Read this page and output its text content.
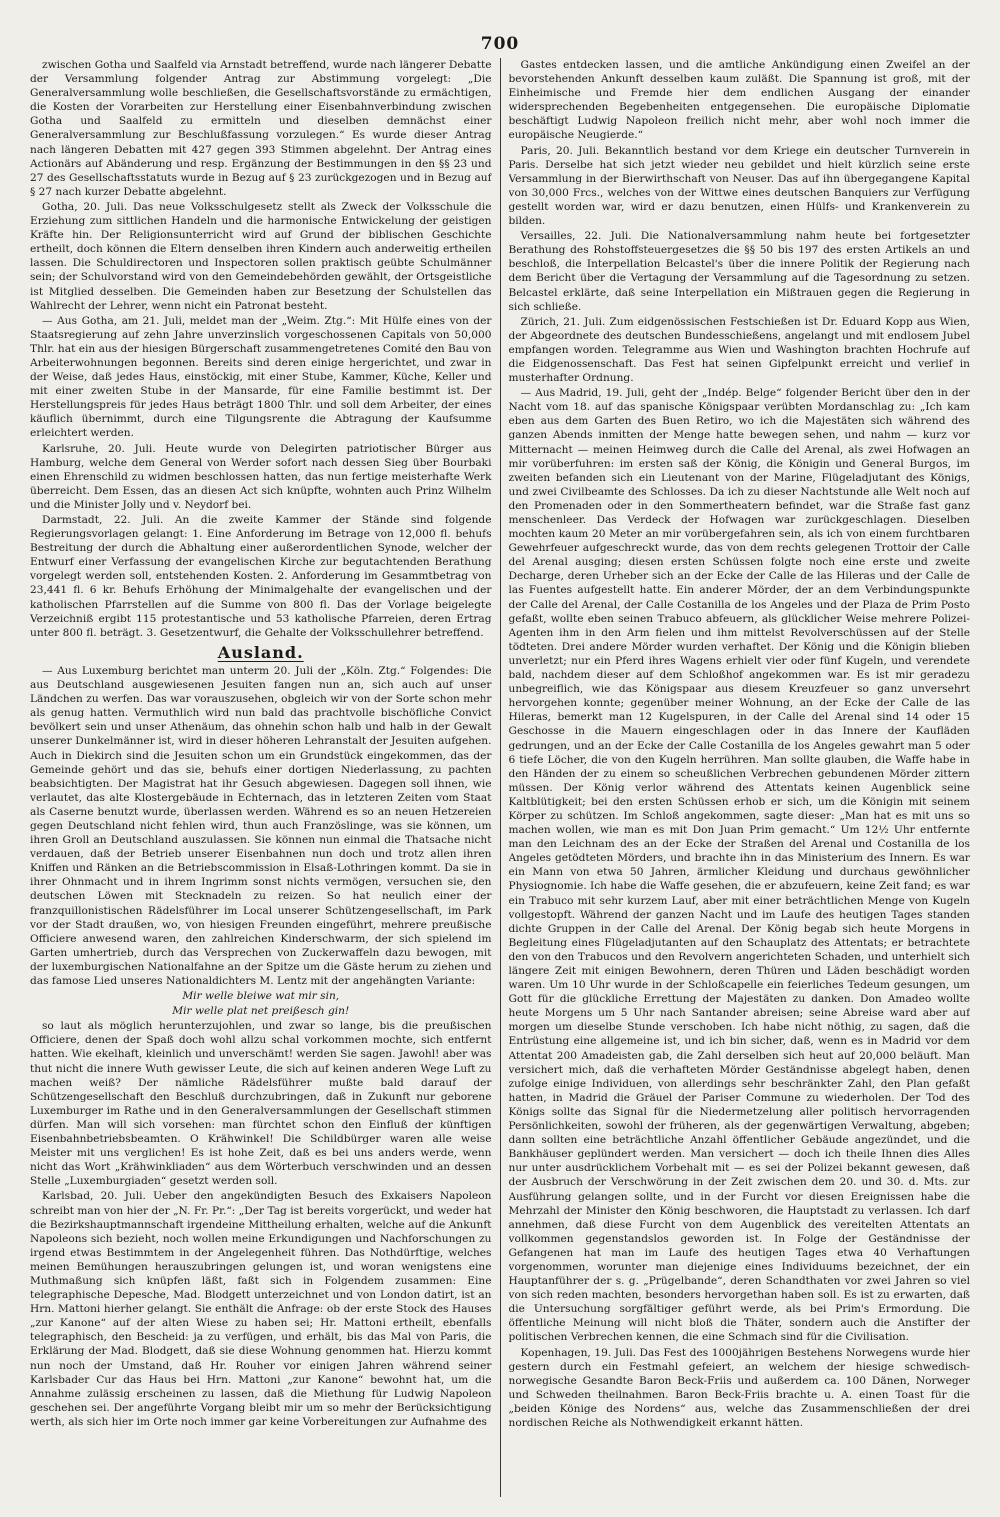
700

zwischen Gotha und Saalfeld via Arnstadt betreffend, wurde nach längerer Debatte der Versammlung folgender Antrag zur Abstimmung vorgelegt: „Die Generalversammlung wolle beschließen, die Gesellschaftsvorstände zu ermächtigen, die Kosten der Vorarbeiten zur Herstellung einer Eisenbahnverbindung zwischen Gotha und Saalfeld zu ermitteln und dieselben demnächst einer Generalversammlung zur Beschlußfassung vorzulegen.“ Es wurde dieser Antrag nach längeren Debatten mit 427 gegen 393 Stimmen abgelehnt. Der Antrag eines Actionärs auf Abänderung und resp. Ergänzung der Bestimmungen in den §§ 23 und 27 des Gesellschaftsstatuts wurde in Bezug auf § 23 zurückgezogen und in Bezug auf § 27 nach kurzer Debatte abgelehnt.

Gotha, 20. Juli. Das neue Volksschulgesetz stellt als Zweck der Volksschule die Erziehung zum sittlichen Handeln und die harmonische Entwickelung der geistigen Kräfte hin. Der Religionsunterricht wird auf Grund der biblischen Geschichte ertheilt, doch können die Eltern denselben ihren Kindern auch anderweitig ertheilen lassen. Die Schuldirectoren und Inspectoren sollen praktisch geübte Schulmänner sein; der Schulvorstand wird von den Gemeindebehörden gewählt, der Ortsgeistliche ist Mitglied desselben. Die Gemeinden haben zur Besetzung der Schulstellen das Wahlrecht der Lehrer, wenn nicht ein Patronat besteht.

— Aus Gotha, am 21. Juli, meldet man der „Weim. Ztg.“: Mit Hülfe eines von der Staatsregierung auf zehn Jahre unverzinslich vorgeschossenen Capitals von 50,000 Thlr. hat ein aus der hiesigen Bürgerschaft zusammengetretenes Comité den Bau von Arbeiterwohnungen begonnen. Bereits sind deren einige hergerichtet, und zwar in der Weise, daß jedes Haus, einstöckig, mit einer Stube, Kammer, Küche, Keller und mit einer zweiten Stube in der Mansarde, für eine Familie bestimmt ist. Der Herstellungspreis für jedes Haus beträgt 1800 Thlr. und soll dem Arbeiter, der eines käuflich übernimmt, durch eine Tilgungsrente die Abtragung der Kaufsumme erleichtert werden.

Karlsruhe, 20. Juli. Heute wurde von Delegirten patriotischer Bürger aus Hamburg, welche dem General von Werder sofort nach dessen Sieg über Bourbaki einen Ehrenschild zu widmen beschlossen hatten, das nun fertige meisterhafte Werk überreicht. Dem Essen, das an diesen Act sich knüpfte, wohnten auch Prinz Wilhelm und die Minister Jolly und v. Neydorf bei.

Darmstadt, 22. Juli. An die zweite Kammer der Stände sind folgende Regierungsvorlagen gelangt: 1. Eine Anforderung im Betrage von 12,000 fl. behufs Bestreitung der durch die Abhaltung einer außerordentlichen Synode, welcher der Entwurf einer Verfassung der evangelischen Kirche zur begutachtenden Berathung vorgelegt werden soll, entstehenden Kosten. 2. Anforderung im Gesammtbetrag von 23,441 fl. 6 kr. Behufs Erhöhung der Minimalgehalte der evangelischen und der katholischen Pfarrstellen auf die Summe von 800 fl. Das der Vorlage beigelegte Verzeichniß ergibt 115 protestantische und 53 katholische Pfarreien, deren Ertrag unter 800 fl. beträgt. 3. Gesetzentwurf, die Gehalte der Volksschullehrer betreffend.

Ausland.

— Aus Luxemburg berichtet man unterm 20. Juli der „Köln. Ztg.“ Folgendes: Die aus Deutschland ausgewiesenen Jesuiten fangen nun an, sich auch auf unser Ländchen zu werfen. Das war vorauszusehen, obgleich wir von der Sorte schon mehr als genug hatten. Vermuthlich wird nun bald das prachtvolle bischöfliche Convict bevölkert sein und unser Athenäum, das ohnehin schon halb und halb in der Gewalt unserer Dunkelmänner ist, wird in dieser höheren Lehranstalt der Jesuiten aufgehen. Auch in Diekirch sind die Jesuiten schon um ein Grundstück eingekommen, das der Gemeinde gehört und das sie, behufs einer dortigen Niederlassung, zu pachten beabsichtigten. Der Magistrat hat ihr Gesuch abgewiesen. Dagegen soll ihnen, wie verlautet, das alte Klostergebäude in Echternach, das in letzteren Zeiten vom Staat als Caserne benutzt wurde, überlassen werden. Während es so an neuen Hetzereien gegen Deutschland nicht fehlen wird, thun auch Französlinge, was sie können, um ihren Groll an Deutschland auszulassen. Sie können nun einmal die Thatsache nicht verdauen, daß der Betrieb unserer Eisenbahnen nun doch und trotz allen ihren Kniffen und Ränken an die Betriebscommission in Elsaß-Lothringen kommt. Da sie in ihrer Ohnmacht und in ihrem Ingrimm sonst nichts vermögen, versuchen sie, den deutschen Löwen mit Stecknadeln zu reizen. So hat neulich einer der franzquillonistischen Rädelsführer im Local unserer Schützengesellschaft, im Park vor der Stadt draußen, wo, von hiesigen Freunden eingeführt, mehrere preußische Officiere anwesend waren, den zahlreichen Kinderschwarm, der sich spielend im Garten umhertrieb, durch das Versprechen von Zuckerwaffeln dazu bewogen, mit der luxemburgischen Nationalfahne an der Spitze um die Gäste herum zu ziehen und das famose Lied unseres Nationaldichters M. Lentz mit der angehängten Variante:

Mir welle bleiwe wat mir sin,

Mir welle plat net preißesch gin!

so laut als möglich herunterzujohlen, und zwar so lange, bis die preußischen Officiere, denen der Spaß doch wohl allzu schal vorkommen mochte, sich entfernt hatten. Wie ekelhaft, kleinlich und unverschämt! werden Sie sagen. Jawohl! aber was thut nicht die innere Wuth gewisser Leute, die sich auf keinen anderen Wege Luft zu machen weiß? Der nämliche Rädelsführer mußte bald darauf der Schützengesellschaft den Beschluß durchzubringen, daß in Zukunft nur geborene Luxemburger im Rathe und in den Generalversammlungen der Gesellschaft stimmen dürfen. Man will sich vorsehen: man fürchtet schon den Einfluß der künftigen Eisenbahnbetriebsbeamten. O Krähwinkel! Die Schildbürger waren alle weise Meister mit uns verglichen! Es ist hohe Zeit, daß es bei uns anders werde, wenn nicht das Wort „Krähwinkliaden“ aus dem Wörterbuch verschwinden und an dessen Stelle „Luxemburgiaden“ gesetzt werden soll.

Karlsbad, 20. Juli. Ueber den angekündigten Besuch des Exkaisers Napoleon schreibt man von hier der „N. Fr. Pr.“: „Der Tag ist bereits vorgerückt, und weder hat die Bezirkshauptmannschaft irgendeine Mittheilung erhalten, welche auf die Ankunft Napoleons sich bezieht, noch wollen meine Erkundigungen und Nachforschungen zu irgend etwas Bestimmtem in der Angelegenheit führen. Das Nothdürftige, welches meinen Bemühungen herauszubringen gelungen ist, und woran wenigstens eine Muthmaßung sich knüpfen läßt, faßt sich in Folgendem zusammen: Eine telegraphische Depesche, Mad. Blodgett unterzeichnet und von London datirt, ist an Hrn. Mattoni hierher gelangt. Sie enthält die Anfrage: ob der erste Stock des Hauses „zur Kanone“ auf der alten Wiese zu haben sei; Hr. Mattoni ertheilt, ebenfalls telegraphisch, den Bescheid: ja zu verfügen, und erhält, bis das Mal von Paris, die Erklärung der Mad. Blodgett, daß sie diese Wohnung genommen hat. Hierzu kommt nun noch der Umstand, daß Hr. Rouher vor einigen Jahren während seiner Karlsbader Cur das Haus bei Hrn. Mattoni „zur Kanone“ bewohnt hat, um die Annahme zulässig erscheinen zu lassen, daß die Miethung für Ludwig Napoleon geschehen sei. Der angeführte Vorgang bleibt mir um so mehr der Berücksichtigung werth, als sich hier im Orte noch immer gar keine Vorbereitungen zur Aufnahme des

Gastes entdecken lassen, und die amtliche Ankündigung einen Zweifel an der bevorstehenden Ankunft desselben kaum zuläßt. Die Spannung ist groß, mit der Einheimische und Fremde hier dem endlichen Ausgang der einander widersprechenden Begebenheiten entgegensehen. Die europäische Diplomatie beschäftigt Ludwig Napoleon freilich nicht mehr, aber wohl noch immer die europäische Neugierde.“

Paris, 20. Juli. Bekanntlich bestand vor dem Kriege ein deutscher Turnverein in Paris. Derselbe hat sich jetzt wieder neu gebildet und hielt kürzlich seine erste Versammlung in der Bierwirthschaft von Neuser. Das auf ihn übergegangene Kapital von 30,000 Frcs., welches von der Wittwe eines deutschen Banquiers zur Verfügung gestellt worden war, wird er dazu benutzen, einen Hülfs- und Krankenverein zu bilden.

Versailles, 22. Juli. Die Nationalversammlung nahm heute bei fortgesetzter Berathung des Rohstoffsteuergesetzes die §§ 50 bis 197 des ersten Artikels an und beschloß, die Interpellation Belcastel's über die innere Politik der Regierung nach dem Bericht über die Vertagung der Versammlung auf die Tagesordnung zu setzen. Belcastel erklärte, daß seine Interpellation ein Mißtrauen gegen die Regierung in sich schließe.

Zürich, 21. Juli. Zum eidgenössischen Festschießen ist Dr. Eduard Kopp aus Wien, der Abgeordnete des deutschen Bundesschießens, angelangt und mit endlosem Jubel empfangen worden. Telegramme aus Wien und Washington brachten Hochrufe auf die Eidgenossenschaft. Das Fest hat seinen Gipfelpunkt erreicht und verlief in musterhafter Ordnung.

— Aus Madrid, 19. Juli, geht der „Indép. Belge“ folgender Bericht über den in der Nacht vom 18. auf das spanische Königspaar verübten Mordanschlag zu: „Ich kam eben aus dem Garten des Buen Retiro, wo ich die Majestäten sich während des ganzen Abends inmitten der Menge hatte bewegen sehen, und nahm — kurz vor Mitternacht — meinen Heimweg durch die Calle del Arenal, als zwei Hofwagen an mir vorüberfuhren: im ersten saß der König, die Königin und General Burgos, im zweiten befanden sich ein Lieutenant von der Marine, Flügeladjutant des Königs, und zwei Civilbeamte des Schlosses. Da ich zu dieser Nachtstunde alle Welt noch auf den Promenaden oder in den Sommertheatern befindet, war die Straße fast ganz menschenleer. Das Verdeck der Hofwagen war zurückgeschlagen. Dieselben mochten kaum 20 Meter an mir vorübergefahren sein, als ich von einem furchtbaren Gewehrfeuer aufgeschreckt wurde, das von dem rechts gelegenen Trottoir der Calle del Arenal ausging; diesen ersten Schüssen folgte noch eine erste und zweite Decharge, deren Urheber sich an der Ecke der Calle de las Hileras und der Calle de las Fuentes aufgestellt hatte. Ein anderer Mörder, der an dem Verbindungspunkte der Calle del Arenal, der Calle Costanilla de los Angeles und der Plaza de Prim Posto gefaßt, wollte eben seinen Trabuco abfeuern, als glücklicher Weise mehrere Polizei-Agenten ihm in den Arm fielen und ihm mittelst Revolverschüssen auf der Stelle tödteten. Drei andere Mörder wurden verhaftet. Der König und die Königin blieben unverletzt; nur ein Pferd ihres Wagens erhielt vier oder fünf Kugeln, und verendete bald, nachdem dieser auf dem Schloßhof angekommen war. Es ist mir geradezu unbegreiflich, wie das Königspaar aus diesem Kreuzfeuer so ganz unversehrt hervorgehen konnte; gegenüber meiner Wohnung, an der Ecke der Calle de las Hileras, bemerkt man 12 Kugelspuren, in der Calle del Arenal sind 14 oder 15 Geschosse in die Mauern eingeschlagen oder in das Innere der Kaufläden gedrungen, und an der Ecke der Calle Costanilla de los Angeles gewahrt man 5 oder 6 tiefe Löcher, die von den Kugeln herrühren. Man sollte glauben, die Waffe habe in den Händen der zu einem so scheußlichen Verbrechen gebundenen Mörder zittern müssen. Der König verlor während des Attentats keinen Augenblick seine Kaltblütigkeit; bei den ersten Schüssen erhob er sich, um die Königin mit seinem Körper zu schützen. Im Schloß angekommen, sagte dieser: „Man hat es mit uns so machen wollen, wie man es mit Don Juan Prim gemacht.“ Um 12½ Uhr entfernte man den Leichnam des an der Ecke der Straßen del Arenal und Costanilla de los Angeles getödteten Mörders, und brachte ihn in das Ministerium des Innern. Es war ein Mann von etwa 50 Jahren, ärmlicher Kleidung und durchaus gewöhnlicher Physiognomie. Ich habe die Waffe gesehen, die er abzufeuern, keine Zeit fand; es war ein Trabuco mit sehr kurzem Lauf, aber mit einer beträchtlichen Menge von Kugeln vollgestopft. Während der ganzen Nacht und im Laufe des heutigen Tages standen dichte Gruppen in der Calle del Arenal. Der König begab sich heute Morgens in Begleitung eines Flügeladjutanten auf den Schauplatz des Attentats; er betrachtete den von den Trabucos und den Revolvern angerichteten Schaden, und unterhielt sich längere Zeit mit einigen Bewohnern, deren Thüren und Läden beschädigt worden waren. Um 10 Uhr wurde in der Schloßcapelle ein feierliches Tedeum gesungen, um Gott für die glückliche Errettung der Majestäten zu danken. Don Amadeo wollte heute Morgens um 5 Uhr nach Santander abreisen; seine Abreise ward aber auf morgen um dieselbe Stunde verschoben. Ich habe nicht nöthig, zu sagen, daß die Entrüstung eine allgemeine ist, und ich bin sicher, daß, wenn es in Madrid vor dem Attentat 200 Amadeisten gab, die Zahl derselben sich heut auf 20,000 beläuft. Man versichert mich, daß die verhafteten Mörder Geständnisse abgelegt haben, denen zufolge einige Individuen, von allerdings sehr beschränkter Zahl, den Plan gefaßt hatten, in Madrid die Gräuel der Pariser Commune zu wiederholen. Der Tod des Königs sollte das Signal für die Niedermetzelung aller politisch hervorragenden Persönlichkeiten, sowohl der früheren, als der gegenwärtigen Verwaltung, abgeben; dann sollten eine beträchtliche Anzahl öffentlicher Gebäude angezündet, und die Bankhäuser geplündert werden. Man versichert — doch ich theile Ihnen dies Alles nur unter ausdrücklichem Vorbehalt mit — es sei der Polizei bekannt gewesen, daß der Ausbruch der Verschwörung in der Zeit zwischen dem 20. und 30. d. Mts. zur Ausführung gelangen sollte, und in der Furcht vor diesen Ereignissen habe die Mehrzahl der Minister den König beschworen, die Hauptstadt zu verlassen. Ich darf annehmen, daß diese Furcht von dem Augenblick des vereitelten Attentats an vollkommen gegenstandslos geworden ist. In Folge der Geständnisse der Gefangenen hat man im Laufe des heutigen Tages etwa 40 Verhaftungen vorgenommen, worunter man diejenige eines Individuums bezeichnet, der ein Hauptanführer der s. g. „Prügelbande“, deren Schandthaten vor zwei Jahren so viel von sich reden machten, besonders hervorgethan haben soll. Es ist zu erwarten, daß die Untersuchung sorgfältiger geführt werde, als bei Prim's Ermordung. Die öffentliche Meinung will nicht bloß die Thäter, sondern auch die Anstifter der politischen Verbrechen kennen, die eine Schmach sind für die Civilisation.

Kopenhagen, 19. Juli. Das Fest des 1000jährigen Bestehens Norwegens wurde hier gestern durch ein Festmahl gefeiert, an welchem der hiesige schwedisch-norwegische Gesandte Baron Beck-Friis und außerdem ca. 100 Dänen, Norweger und Schweden theilnahmen. Baron Beck-Friis brachte u. A. einen Toast für die „beiden Könige des Nordens“ aus, welche das Zusammenschließen der drei nordischen Reiche als Nothwendigkeit erkannt hätten.
